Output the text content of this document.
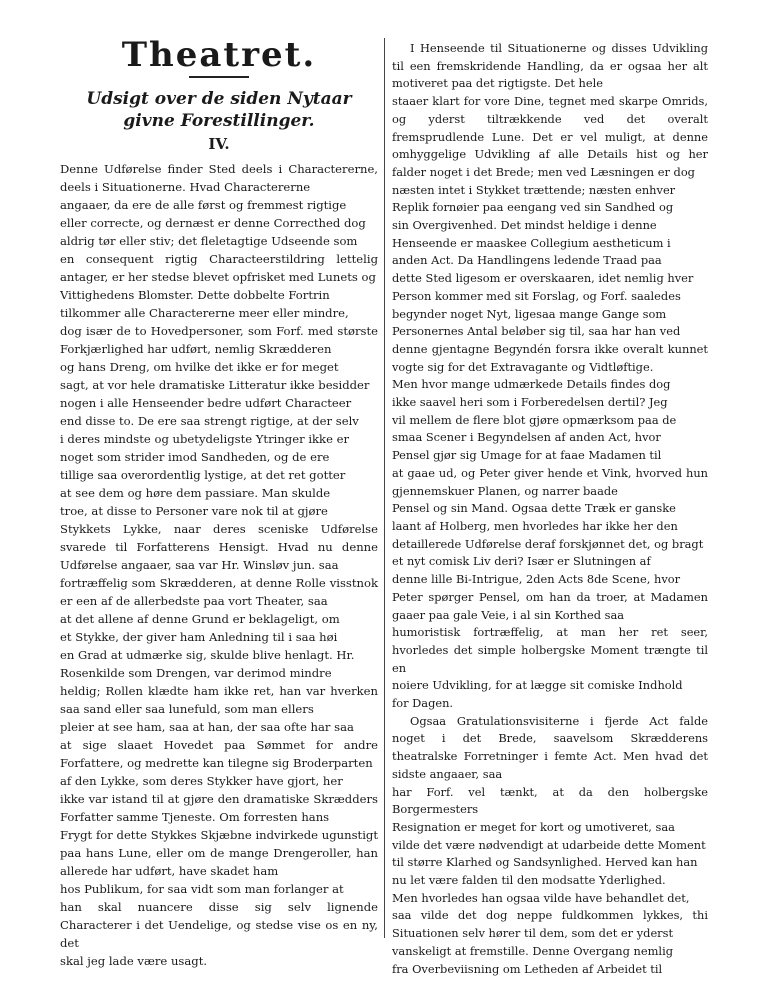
Theatret.
Udsigt over de siden Nytaar givne Forestillinger.
IV.

Denne Udførelse finder Sted deels i Charactererne, deels i Situationerne. Hvad Charactererne

angaaer, da ere de alle først og fremmest rigtige

eller correcte, og dernæst er denne Correcthed dog

aldrig tør eller stiv; det fleletagtige Udseende som

en consequent rigtig Characteerstildring lettelig antager, er her stedse blevet opfrisket med Lunets og

Vittighedens Blomster. Dette dobbelte Fortrin

tilkommer alle Charactererne meer eller mindre,

dog især de to Hovedpersoner, som Forf. med største Forkjærlighed har udført, nemlig Skrædderen

og hans Dreng, om hvilke det ikke er for meget

sagt, at vor hele dramatiske Litteratur ikke besidder

nogen i alle Henseender bedre udført Characteer

end disse to. De ere saa strengt rigtige, at der selv

i deres mindste og ubetydeligste Ytringer ikke er

noget som strider imod Sandheden, og de ere

tillige saa overordentlig lystige, at det ret gotter

at see dem og høre dem passiare. Man skulde

troe, at disse to Personer vare nok til at gjøre

Stykkets Lykke, naar deres sceniske Udførelse svarede til Forfatterens Hensigt. Hvad nu denne Udførelse angaaer, saa var Hr. Winsløv jun. saa

fortræffelig som Skrædderen, at denne Rolle visstnok er een af de allerbedste paa vort Theater, saa

at det allene af denne Grund er beklageligt, om

et Stykke, der giver ham Anledning til i saa høi

en Grad at udmærke sig, skulde blive henlagt. Hr.

Rosenkilde som Drengen, var derimod mindre

heldig; Rollen klædte ham ikke ret, han var hverken saa sand eller saa lunefuld, som man ellers

pleier at see ham, saa at han, der saa ofte har saa

at sige slaaet Hovedet paa Sømmet for andre Forfattere, og medrette kan tilegne sig Broderparten

af den Lykke, som deres Stykker have gjort, her

ikke var istand til at gjøre den dramatiske Skrædders Forfatter samme Tjeneste. Om forresten hans

Frygt for dette Stykkes Skjæbne indvirkede ugunstigt paa hans Lune, eller om de mange Drengeroller, han allerede har udført, have skadet ham

hos Publikum, for saa vidt som man forlanger at

han skal nuancere disse sig selv lignende Characterer i det Uendelige, og stedse vise os en ny, det

skal jeg lade være usagt.

I Henseende til Situationerne og disses Udvikling til een fremskridende Handling, da er ogsaa her alt motiveret paa det rigtigste. Det hele

staaer klart for vore Dine, tegnet med skarpe Omrids, og yderst tiltrækkende ved det overalt fremsprudlende Lune. Det er vel muligt, at denne omhyggelige Udvikling af alle Details hist og her falder noget i det Brede; men ved Læsningen er dog

næsten intet i Stykket trættende; næsten enhver

Replik fornøier paa eengang ved sin Sandhed og

sin Overgivenhed. Det mindst heldige i denne

Henseende er maaskee Collegium aestheticum i

anden Act. Da Handlingens ledende Traad paa

dette Sted ligesom er overskaaren, idet nemlig hver

Person kommer med sit Forslag, og Forf. saaledes

begynder noget Nyt, ligesaa mange Gange som

Personernes Antal beløber sig til, saa har han ved

denne gjentagne Begyndén forsra ikke overalt kunnet vogte sig for det Extravagante og Vidtløftige.

Men hvor mange udmærkede Details findes dog

ikke saavel heri som i Forberedelsen dertil? Jeg

vil mellem de flere blot gjøre opmærksom paa de

smaa Scener i Begyndelsen af anden Act, hvor

Pensel gjør sig Umage for at faae Madamen til

at gaae ud, og Peter giver hende et Vink, hvorved hun gjennemskuer Planen, og narrer baade

Pensel og sin Mand. Ogsaa dette Træk er ganske

laant af Holberg, men hvorledes har ikke her den

detaillerede Udførelse deraf forskjønnet det, og bragt

et nyt comisk Liv deri? Især er Slutningen af

denne lille Bi-Intrigue, 2den Acts 8de Scene, hvor

Peter spørger Pensel, om han da troer, at Madamen gaaer paa gale Veie, i al sin Korthed saa

humoristisk fortræffelig, at man her ret seer, hvorledes det simple holbergske Moment trængte til en

noiere Udvikling, for at lægge sit comiske Indhold

for Dagen.

Ogsaa Gratulationsvisiterne i fjerde Act falde noget i det Brede, saavelsom Skrædderens theatralske Forretninger i femte Act. Men hvad det sidste angaaer, saa

har Forf. vel tænkt, at da den holbergske Borgermesters

Resignation er meget for kort og umotiveret, saa

vilde det være nødvendigt at udarbeide dette Moment

til større Klarhed og Sandsynlighed. Herved kan han

nu let være falden til den modsatte Yderlighed.

Men hvorledes han ogsaa vilde have behandlet det,

saa vilde det dog neppe fuldkommen lykkes, thi Situationen selv hører til dem, som det er yderst

vanskeligt at fremstille. Denne Overgang nemlig

fra Overbeviisning om Letheden af Arbeidet til
